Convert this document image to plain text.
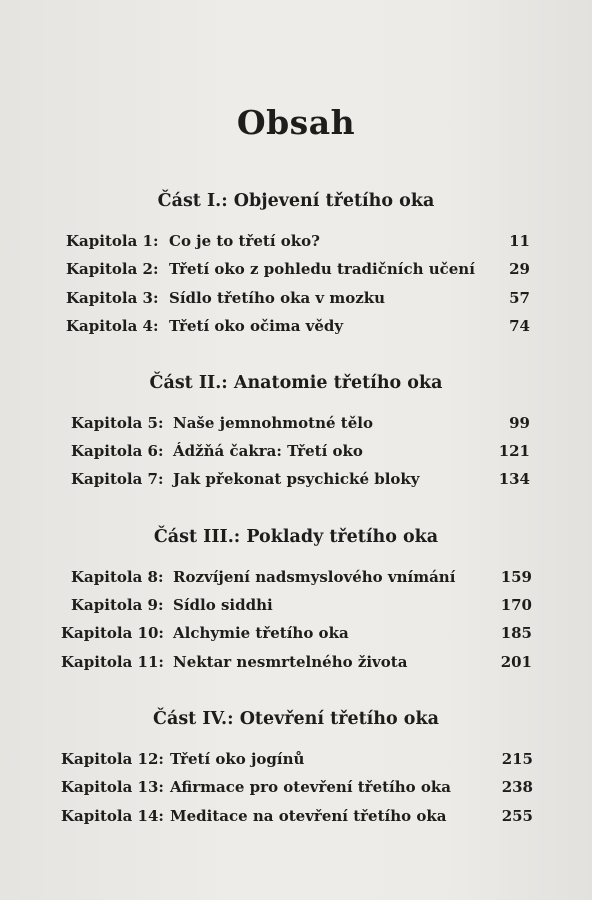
Obsah
Část I.: Objevení třetího oka
Kapitola 1: Co je to třetí oko?	11
Kapitola 2: Třetí oko z pohledu tradičních učení 29
Kapitola 3: Sídlo třetího oka v mozku	57
Kapitola 4: Třetí oko očima vědy	74
Část II.: Anatomie třetího oka
Kapitola 5: Naše jemnohmotné tělo	99
Kapitola 6: Ádžňá čakra: Třetí oko	121
Kapitola 7: Jak překonat psychické bloky	134
Část III.: Poklady třetího oka
Kapitola 8: Rozvíjení nadsmyslového vnímání	159
Kapitola 9: Sídlo siddhi	170
Kapitola 10: Alchymie třetího oka	185
Kapitola 11: Nektar nesmrtelného života	201
Část IV.: Otevření třetího oka
Kapitola 12: Třetí oko jogínů	215
Kapitola 13: Afirmace pro otevření třetího oka	238
Kapitola 14: Meditace na otevření třetího oka	255
